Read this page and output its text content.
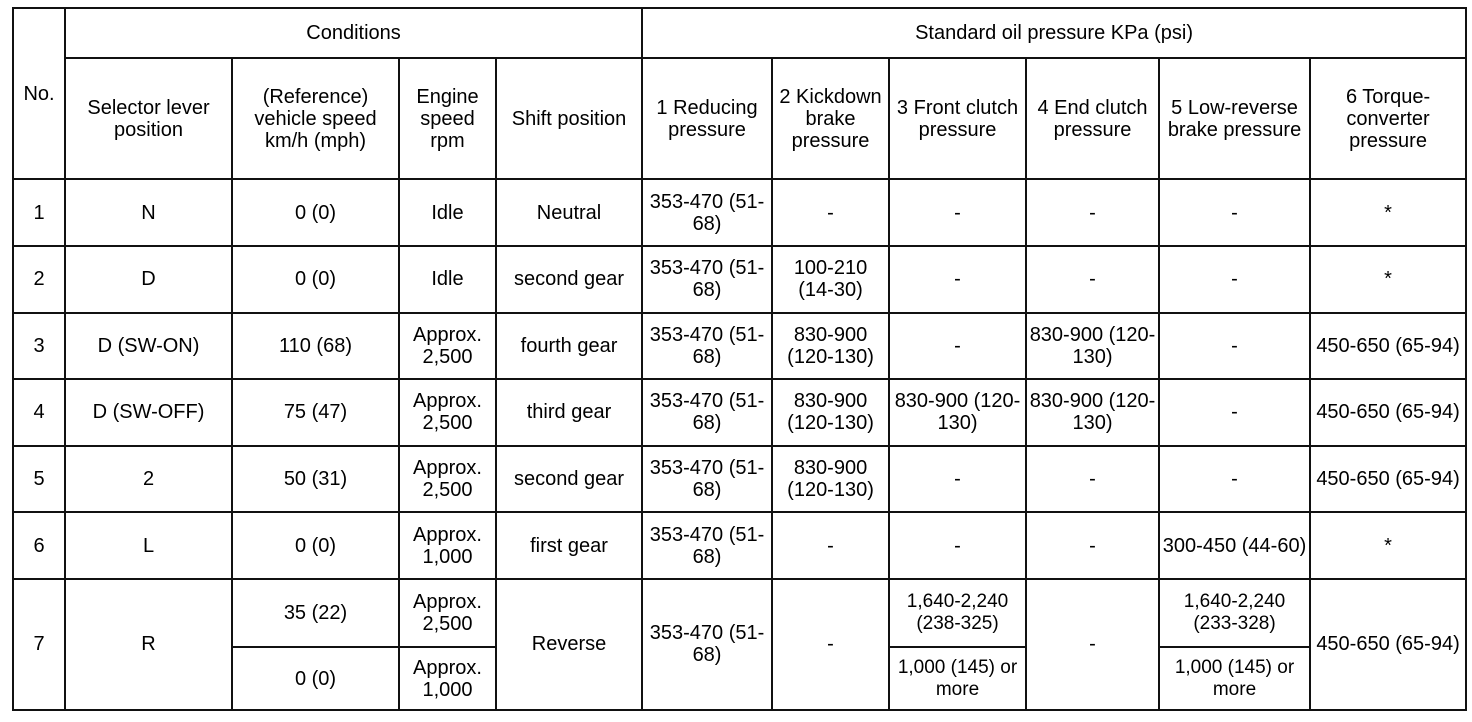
No.	Conditions				Standard oil pressure KPa (psi)					
	Selector lever position	(Reference) vehicle speed km/h (mph)	Engine speed rpm	Shift position	1 Reducing pressure	2 Kickdown brake pressure	3 Front clutch pressure	4 End clutch pressure	5 Low-reverse brake pressure	6 Torque- converter pressure
1	N	0 (0)	Idle	Neutral	353-470 (51-68)	-	-	-	-	*
2	D	0 (0)	Idle	second gear	353-470 (51-68)	100-210 (14-30)	-	-	-	*
3	D (SW-ON)	110 (68)	Approx. 2,500	fourth gear	353-470 (51-68)	830-900 (120-130)	-	830-900 (120-130)	-	450-650 (65-94)
4	D (SW-OFF)	75 (47)	Approx. 2,500	third gear	353-470 (51-68)	830-900 (120-130)	830-900 (120-130)	830-900 (120-130)	-	450-650 (65-94)
5	2	50 (31)	Approx. 2,500	second gear	353-470 (51-68)	830-900 (120-130)	-	-	-	450-650 (65-94)
6	L	0 (0)	Approx. 1,000	first gear	353-470 (51-68)	-	-	-	300-450 (44-60)	*
7	R	35 (22)	Approx. 2,500	Reverse	353-470 (51-68)	-	1,640-2,240 (238-325)	-	1,640-2,240 (233-328)	450-650 (65-94)
		0 (0)	Approx. 1,000				1,000 (145) or more		1,000 (145) or more	
